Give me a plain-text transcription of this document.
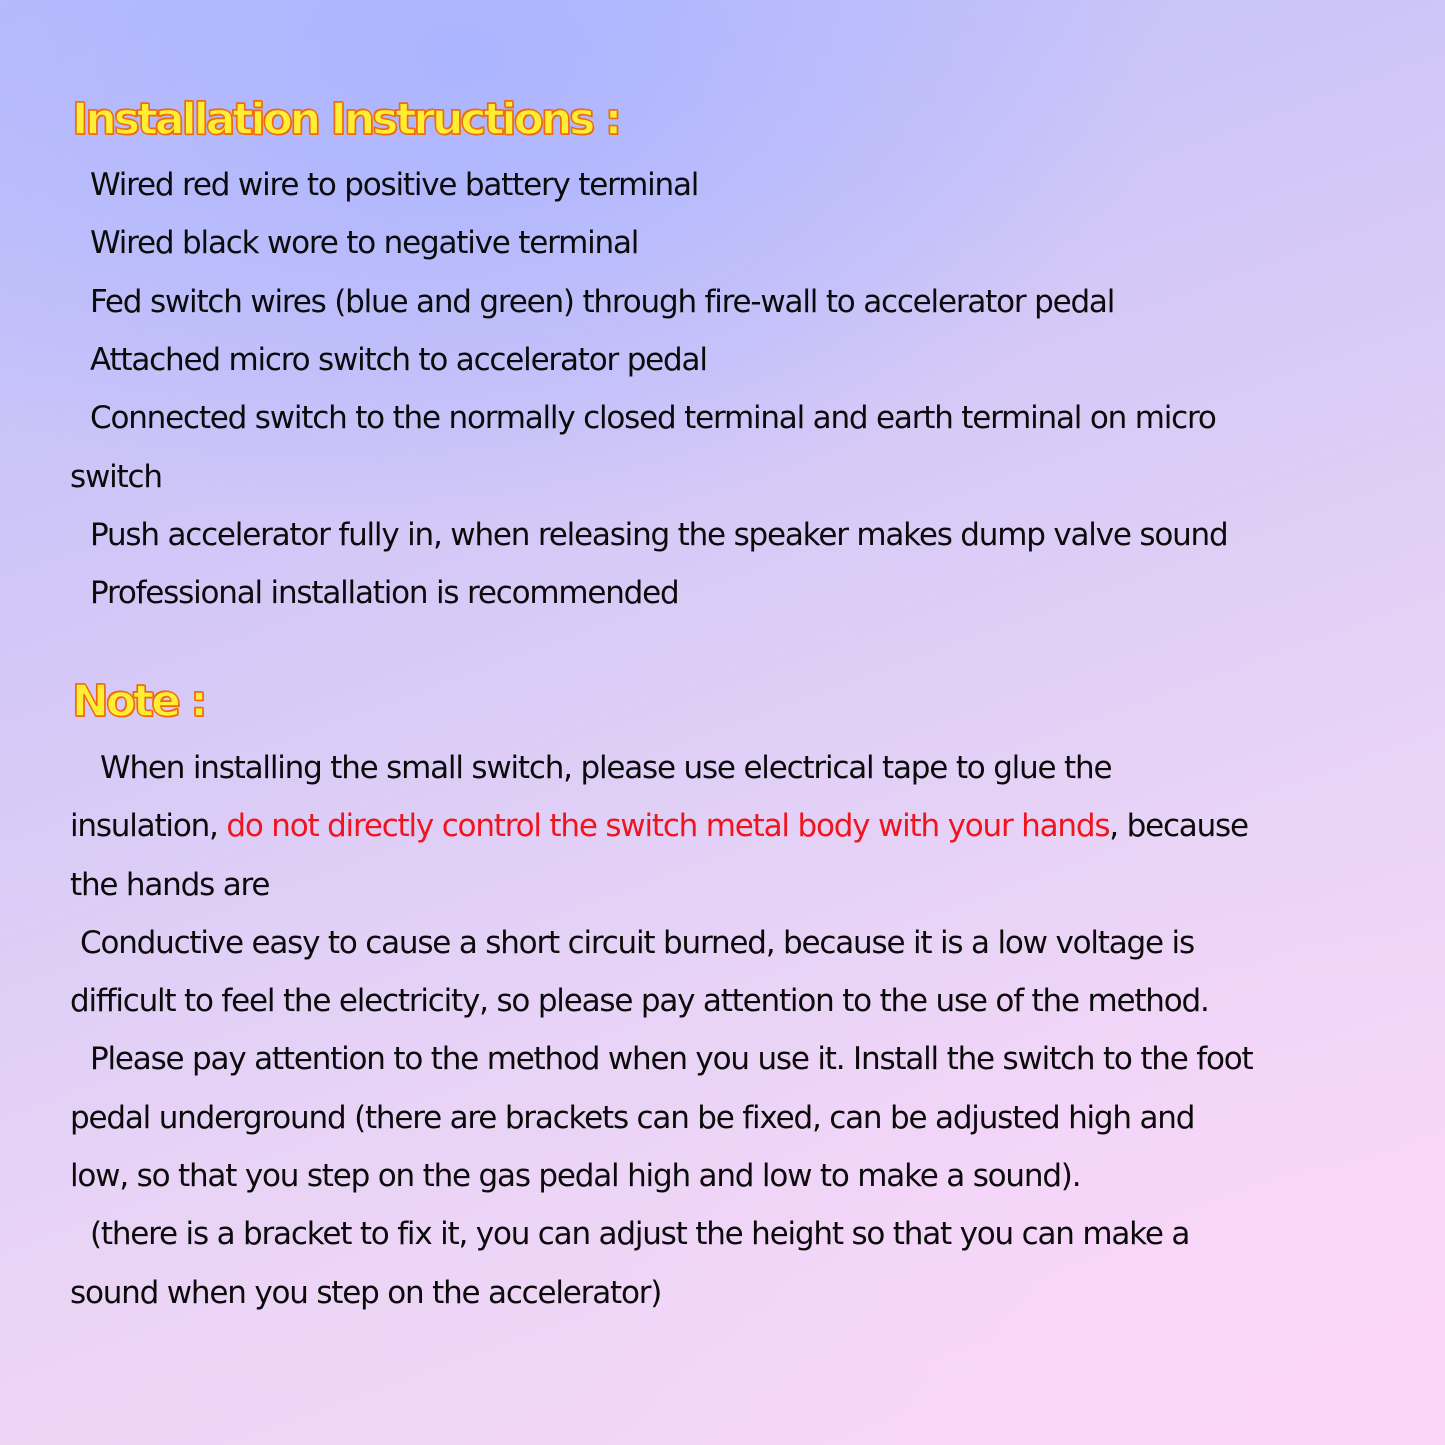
Installation Instructions :

Wired red wire to positive battery terminal

Wired black wore to negative terminal

Fed switch wires (blue and green) through fire-wall to accelerator pedal

Attached micro switch to accelerator pedal

Connected switch to the normally closed terminal and earth terminal on micro

switch

Push accelerator fully in, when releasing the speaker makes dump valve sound

Professional installation is recommended

Note :

When installing the small switch, please use electrical tape to glue the

insulation, do not directly control the switch metal body with your hands, because

the hands are

Conductive easy to cause a short circuit burned, because it is a low voltage is

difficult to feel the electricity, so please pay attention to the use of the method.

Please pay attention to the method when you use it. Install the switch to the foot

pedal underground (there are brackets can be fixed, can be adjusted high and

low, so that you step on the gas pedal high and low to make a sound).

(there is a bracket to fix it, you can adjust the height so that you can make a

sound when you step on the accelerator)
